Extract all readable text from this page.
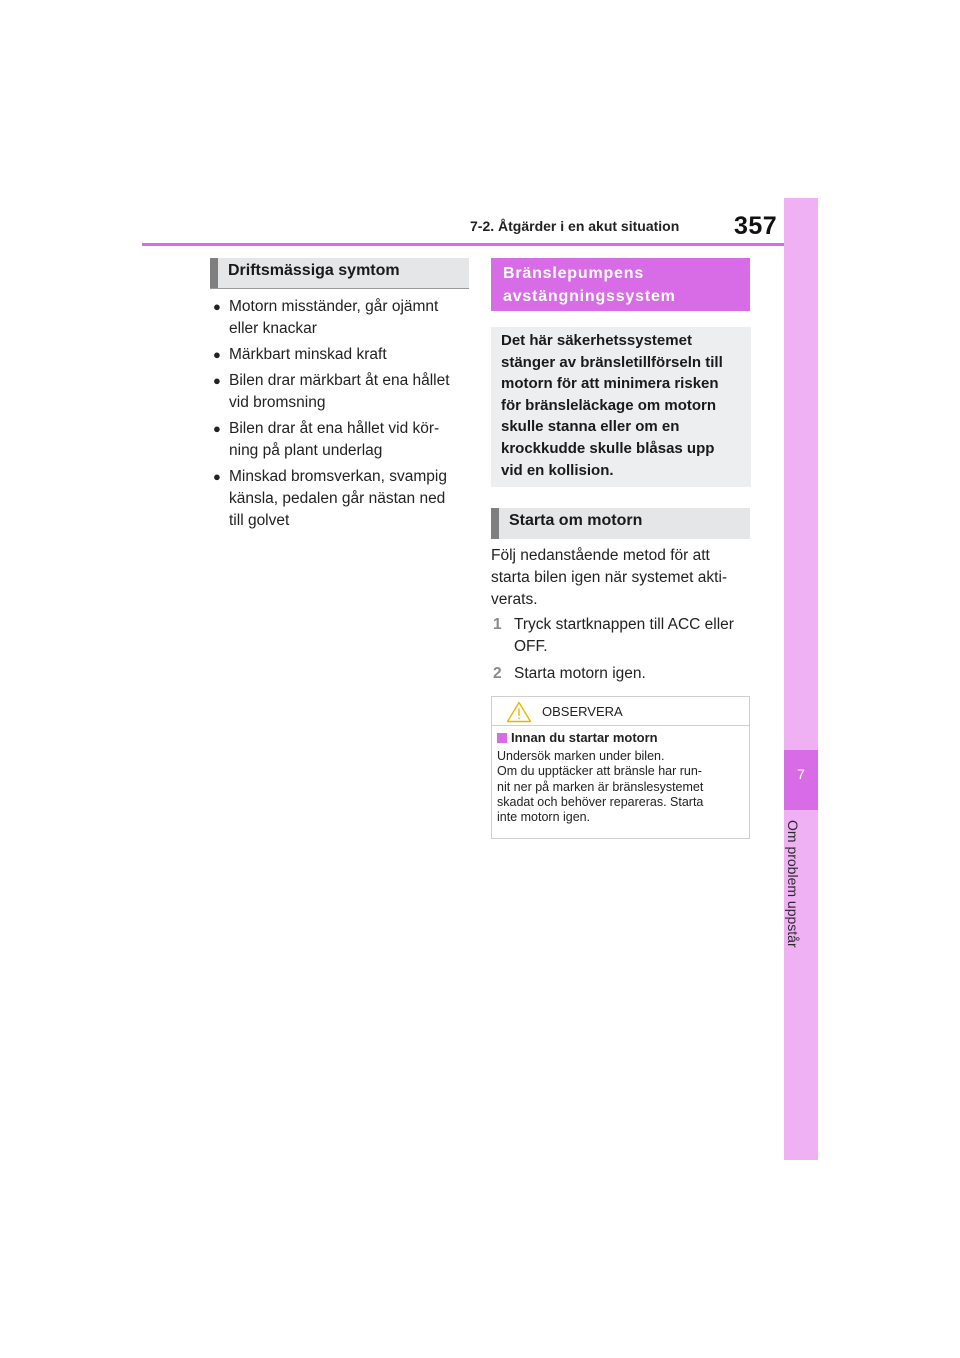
7-2. Åtgärder i en akut situation 357
7
Om problem uppstår
Driftsmässiga symtom
● Motorn misständer, går ojämnt
eller knackar
● Märkbart minskad kraft
● Bilen drar märkbart åt ena hållet
vid bromsning
● Bilen drar åt ena hållet vid kör-
ning på plant underlag
● Minskad bromsverkan, svampig
känsla, pedalen går nästan ned
till golvet
Bränslepumpens
avstängningssystem
Det här säkerhetssystemet
stänger av bränsletillförseln till
motorn för att minimera risken
för bränsleläckage om motorn
skulle stanna eller om en
krockkudde skulle blåsas upp
vid en kollision.
Starta om motorn
Följ nedanstående metod för att
starta bilen igen när systemet akti-
verats.
1 Tryck startknappen till ACC eller
OFF.
2 Starta motorn igen.
OBSERVERA
Innan du startar motorn
Undersök marken under bilen.
Om du upptäcker att bränsle har run-
nit ner på marken är bränslesystemet
skadat och behöver repareras. Starta
inte motorn igen.
